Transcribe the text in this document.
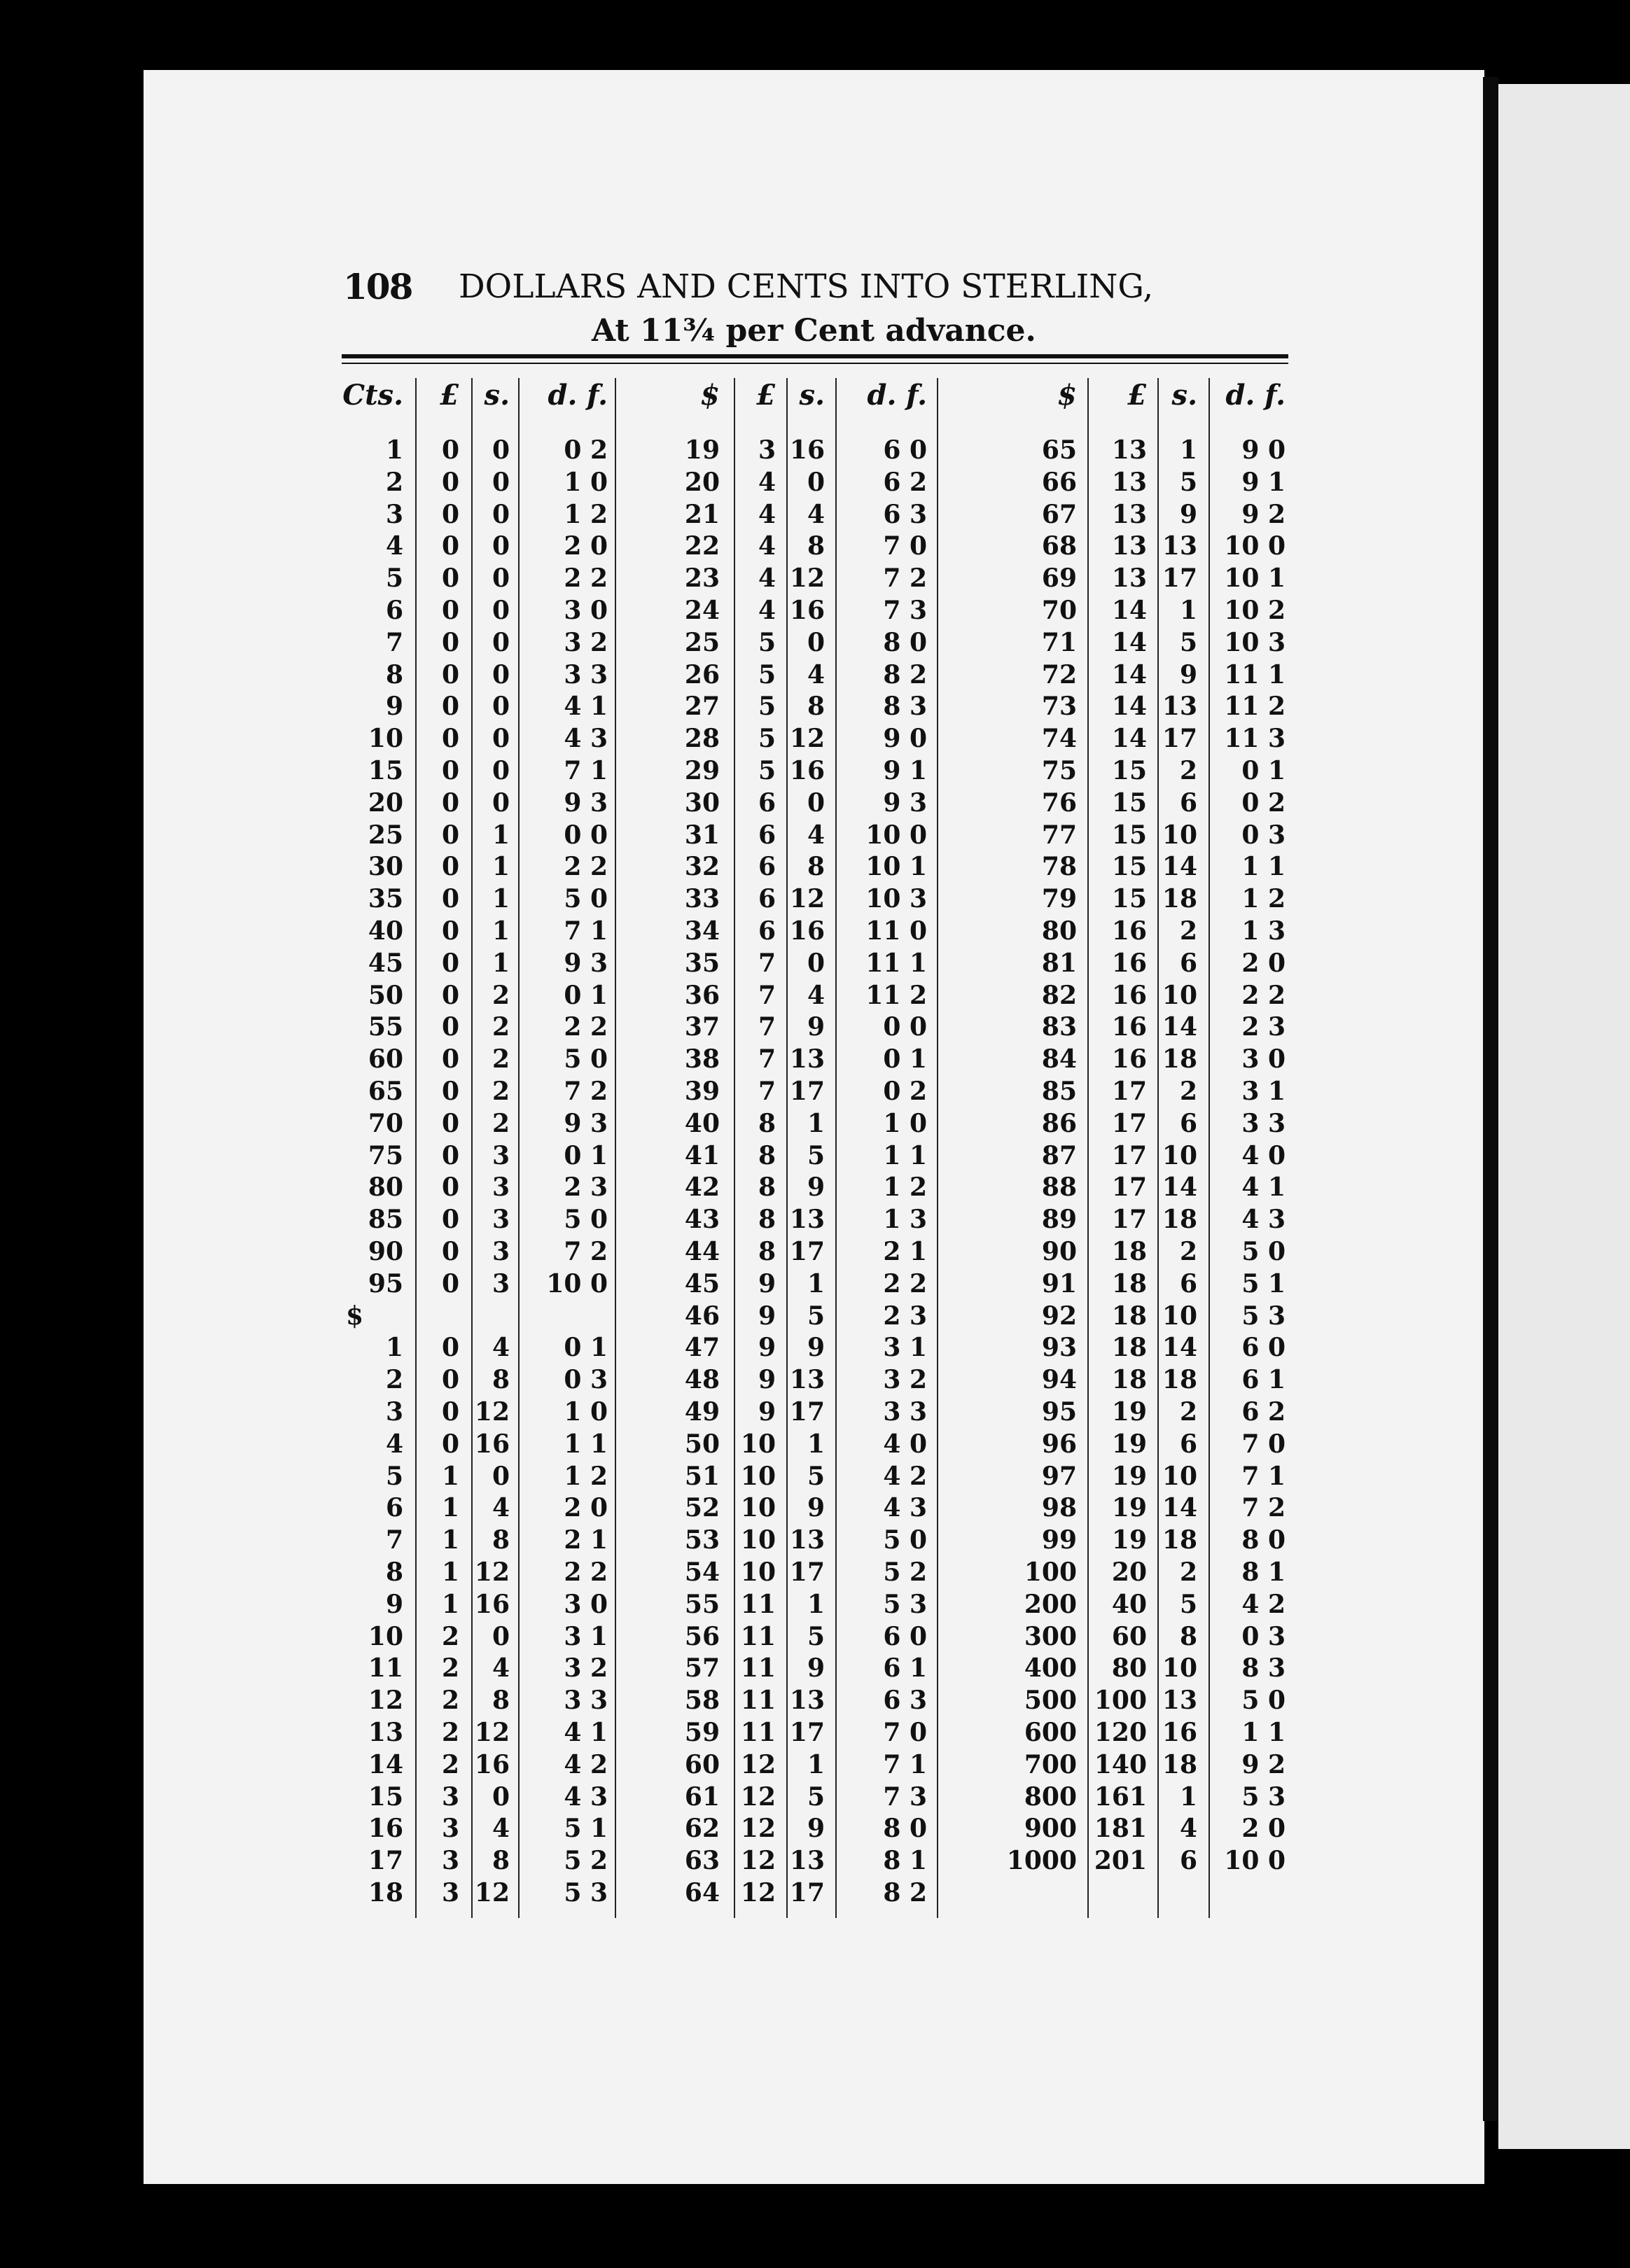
108 DOLLARS AND CENTS INTO STERLING,
At 11¾ per Cent advance.
Cts. £ s. d. f.	$ £ s. d. f.	$ £ s. d. f.
1 0 0 0 2
2 0 0 1 0
3 0 0 1 2
4 0 0 2 0
5 0 0 2 2
6 0 0 3 0
7 0 0 3 2
8 0 0 3 3
9 0 0 4 1
10 0 0 4 3
15 0 0 7 1
20 0 0 9 3
25 0 1 0 0
30 0 1 2 2
35 0 1 5 0
40 0 1 7 1
45 0 1 9 3
50 0 2 0 1
55 0 2 2 2
60 0 2 5 0
65 0 2 7 2
70 0 2 9 3
75 0 3 0 1
80 0 3 2 3
85 0 3 5 0
90 0 3 7 2
95 0 3 10 0
$
1 0 4 0 1
2 0 8 0 3
3 0 12 1 0
4 0 16 1 1
5 1 0 1 2
6 1 4 2 0
7 1 8 2 1
8 1 12 2 2
9 1 16 3 0
10 2 0 3 1
11 2 4 3 2
12 2 8 3 3
13 2 12 4 1
14 2 16 4 2
15 3 0 4 3
16 3 4 5 1
17 3 8 5 2
18 3 12 5 3
19 3 16 6 0
20 4 0 6 2
21 4 4 6 3
22 4 8 7 0
23 4 12 7 2
24 4 16 7 3
25 5 0 8 0
26 5 4 8 2
27 5 8 8 3
28 5 12 9 0
29 5 16 9 1
30 6 0 9 3
31 6 4 10 0
32 6 8 10 1
33 6 12 10 3
34 6 16 11 0
35 7 0 11 1
36 7 4 11 2
37 7 9 0 0
38 7 13 0 1
39 7 17 0 2
40 8 1 1 0
41 8 5 1 1
42 8 9 1 2
43 8 13 1 3
44 8 17 2 1
45 9 1 2 2
46 9 5 2 3
47 9 9 3 1
48 9 13 3 2
49 9 17 3 3
50 10 1 4 0
51 10 5 4 2
52 10 9 4 3
53 10 13 5 0
54 10 17 5 2
55 11 1 5 3
56 11 5 6 0
57 11 9 6 1
58 11 13 6 3
59 11 17 7 0
60 12 1 7 1
61 12 5 7 3
62 12 9 8 0
63 12 13 8 1
64 12 17 8 2
65 13 1 9 0
66 13 5 9 1
67 13 9 9 2
68 13 13 10 0
69 13 17 10 1
70 14 1 10 2
71 14 5 10 3
72 14 9 11 1
73 14 13 11 2
74 14 17 11 3
75 15 2 0 1
76 15 6 0 2
77 15 10 0 3
78 15 14 1 1
79 15 18 1 2
80 16 2 1 3
81 16 6 2 0
82 16 10 2 2
83 16 14 2 3
84 16 18 3 0
85 17 2 3 1
86 17 6 3 3
87 17 10 4 0
88 17 14 4 1
89 17 18 4 3
90 18 2 5 0
91 18 6 5 1
92 18 10 5 3
93 18 14 6 0
94 18 18 6 1
95 19 2 6 2
96 19 6 7 0
97 19 10 7 1
98 19 14 7 2
99 19 18 8 0
100 20 2 8 1
200 40 5 4 2
300 60 8 0 3
400 80 10 8 3
500 100 13 5 0
600 120 16 1 1
700 140 18 9 2
800 161 1 5 3
900 181 4 2 0
1000 201 6 10 0
